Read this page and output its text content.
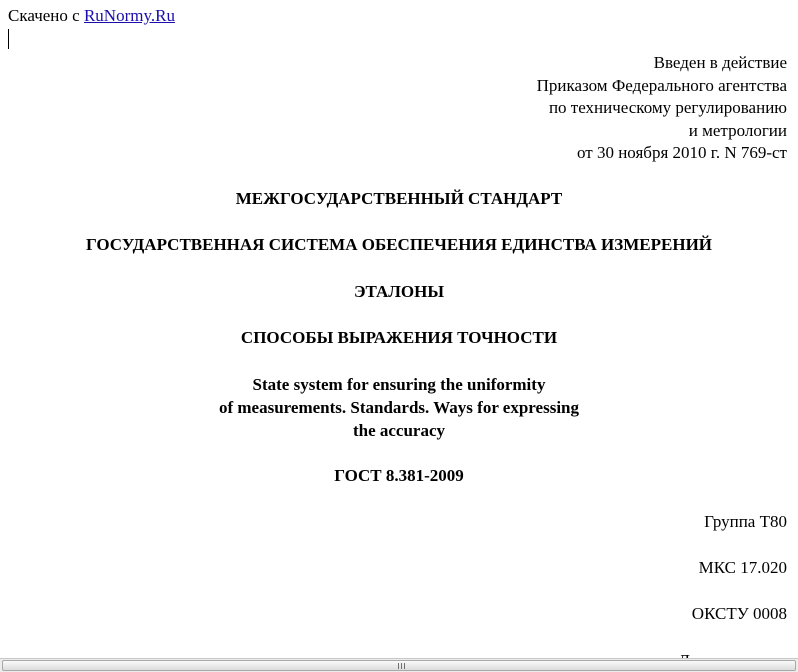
Скачено с RuNormy.Ru
Введен в действие
Приказом Федерального агентства
по техническому регулированию
и метрологии
от 30 ноября 2010 г. N 769-ст
МЕЖГОСУДАРСТВЕННЫЙ СТАНДАРТ
ГОСУДАРСТВЕННАЯ СИСТЕМА ОБЕСПЕЧЕНИЯ ЕДИНСТВА ИЗМЕРЕНИЙ
ЭТАЛОНЫ
СПОСОБЫ ВЫРАЖЕНИЯ ТОЧНОСТИ
State system for ensuring the uniformity
of measurements. Standards. Ways for expressing
the accuracy
ГОСТ 8.381-2009
Группа Т80
МКС 17.020
ОКСТУ 0008
